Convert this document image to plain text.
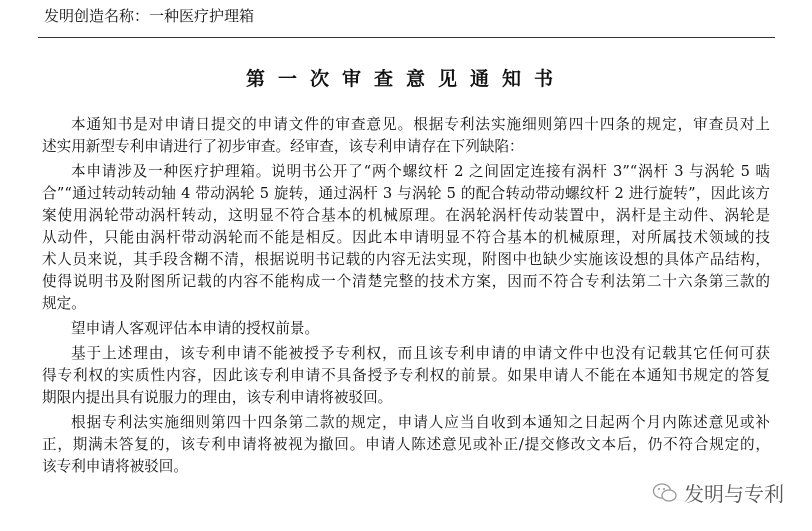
发明创造名称：一种医疗护理箱
第一次审查意见通知书
本通知书是对申请日提交的申请文件的审查意见。根据专利法实施细则第四十四条的规定，审查员对上
述实用新型专利申请进行了初步审查。经审查，该专利申请存在下列缺陷：
本申请涉及一种医疗护理箱。说明书公开了“两个螺纹杆 2 之间固定连接有涡杆 3”“涡杆 3 与涡轮 5 啮
合”“通过转动转动轴 4 带动涡轮 5 旋转，通过涡杆 3 与涡轮 5 的配合转动带动螺纹杆 2 进行旋转”，因此该方
案使用涡轮带动涡杆转动，这明显不符合基本的机械原理。在涡轮涡杆传动装置中，涡杆是主动件、涡轮是
从动件，只能由涡杆带动涡轮而不能是相反。因此本申请明显不符合基本的机械原理，对所属技术领域的技
术人员来说，其手段含糊不清，根据说明书记载的内容无法实现，附图中也缺少实施该设想的具体产品结构，
使得说明书及附图所记载的内容不能构成一个清楚完整的技术方案，因而不符合专利法第二十六条第三款的
规定。
望申请人客观评估本申请的授权前景。
基于上述理由，该专利申请不能被授予专利权，而且该专利申请的申请文件中也没有记载其它任何可获
得专利权的实质性内容，因此该专利申请不具备授予专利权的前景。如果申请人不能在本通知书规定的答复
期限内提出具有说服力的理由，该专利申请将被驳回。
根据专利法实施细则第四十四条第二款的规定，申请人应当自收到本通知之日起两个月内陈述意见或补
正，期满未答复的，该专利申请将被视为撤回。申请人陈述意见或补正/提交修改文本后，仍不符合规定的，
该专利申请将被驳回。
发明与专利
